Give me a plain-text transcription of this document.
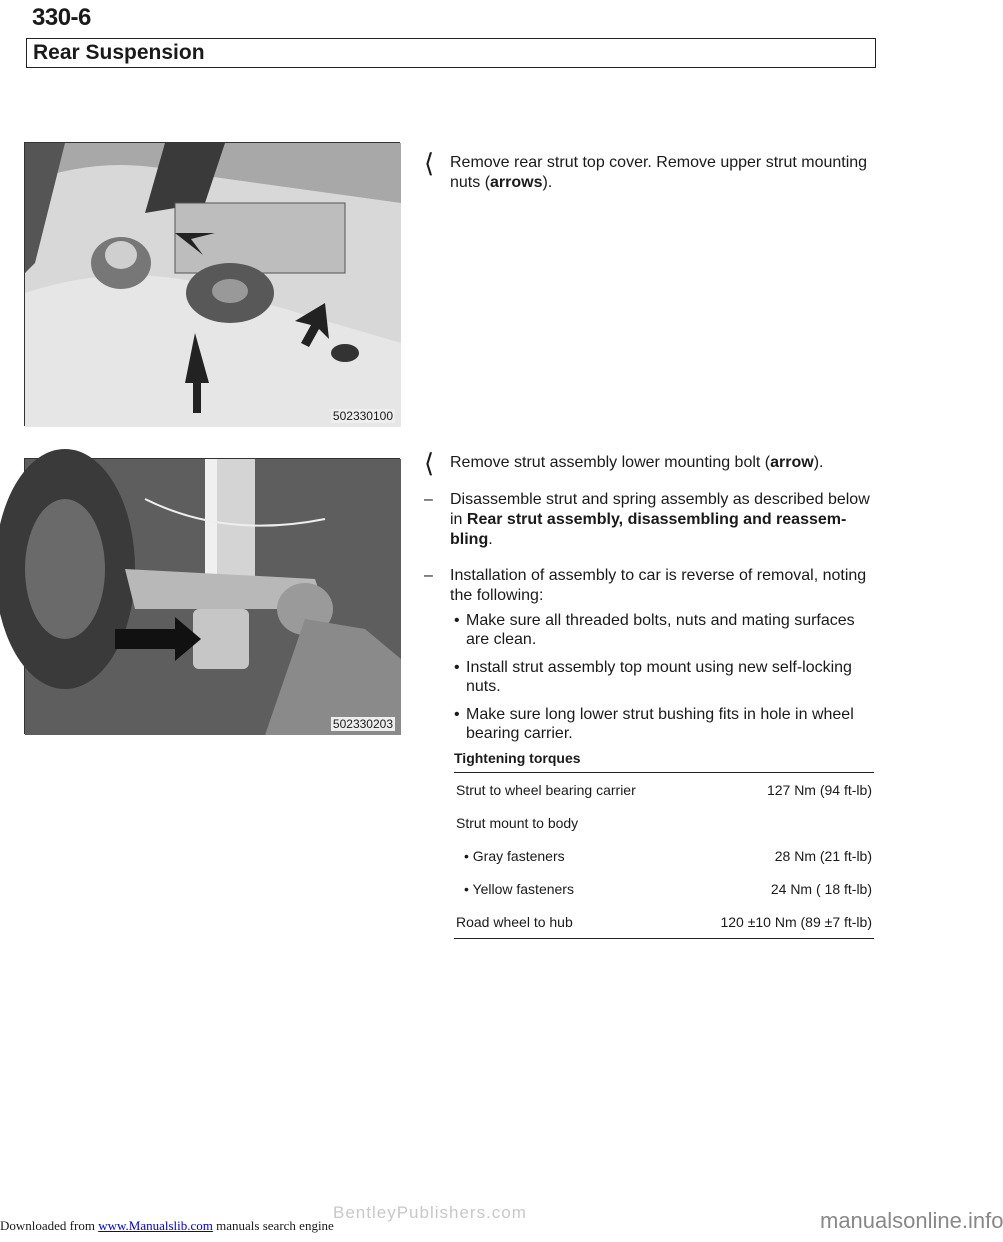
330-6
Rear Suspension
502330100
502330203
⟨ Remove rear strut top cover. Remove upper strut mounting nuts (arrows).
⟨ Remove strut assembly lower mounting bolt (arrow).
– Disassemble strut and spring assembly as described below in Rear strut assembly, disassembling and reassem-bling.
– Installation of assembly to car is reverse of removal, noting the following:
• Make sure all threaded bolts, nuts and mating surfaces are clean.
• Install strut assembly top mount using new self-locking nuts.
• Make sure long lower strut bushing fits in hole in wheel bearing carrier.
Tightening torques
Strut to wheel bearing carrier	127 Nm (94 ft-lb)
Strut mount to body	
• Gray fasteners	28 Nm (21 ft-lb)
• Yellow fasteners	24 Nm ( 18 ft-lb)
Road wheel to hub	120 ±10 Nm (89 ±7 ft-lb)
BentleyPublishers.com
Downloaded from www.Manualslib.com manuals search engine	manualsonline.info
